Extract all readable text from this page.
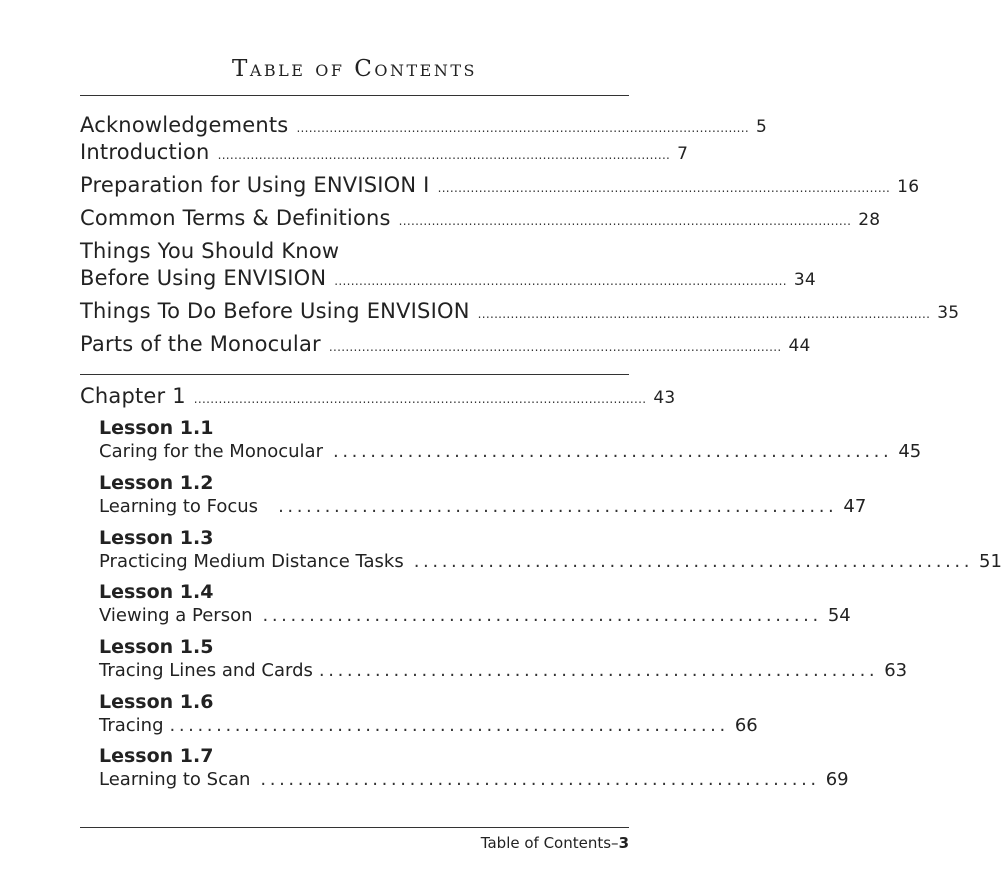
Table of Contents
Acknowledgements .............................................................................................................. 5
Introduction .............................................................................................................. 7
Preparation for Using ENVISION I .............................................................................................................. 16
Common Terms & Definitions .............................................................................................................. 28
Things You Should Know
Before Using ENVISION .............................................................................................................. 34
Things To Do Before Using ENVISION .............................................................................................................. 35
Parts of the Monocular .............................................................................................................. 44
Chapter 1 .............................................................................................................. 43
Lesson 1.1
Caring for the Monocular ............................................................ 45
Lesson 1.2
Learning to Focus	............................................................ 47
Lesson 1.3
Practicing Medium Distance Tasks ............................................................ 51
Lesson 1.4
Viewing a Person ............................................................ 54
Lesson 1.5
Tracing Lines and Cards ............................................................ 63
Lesson 1.6
Tracing ............................................................ 66
Lesson 1.7
Learning to Scan ............................................................ 69
Table of Contents–3
